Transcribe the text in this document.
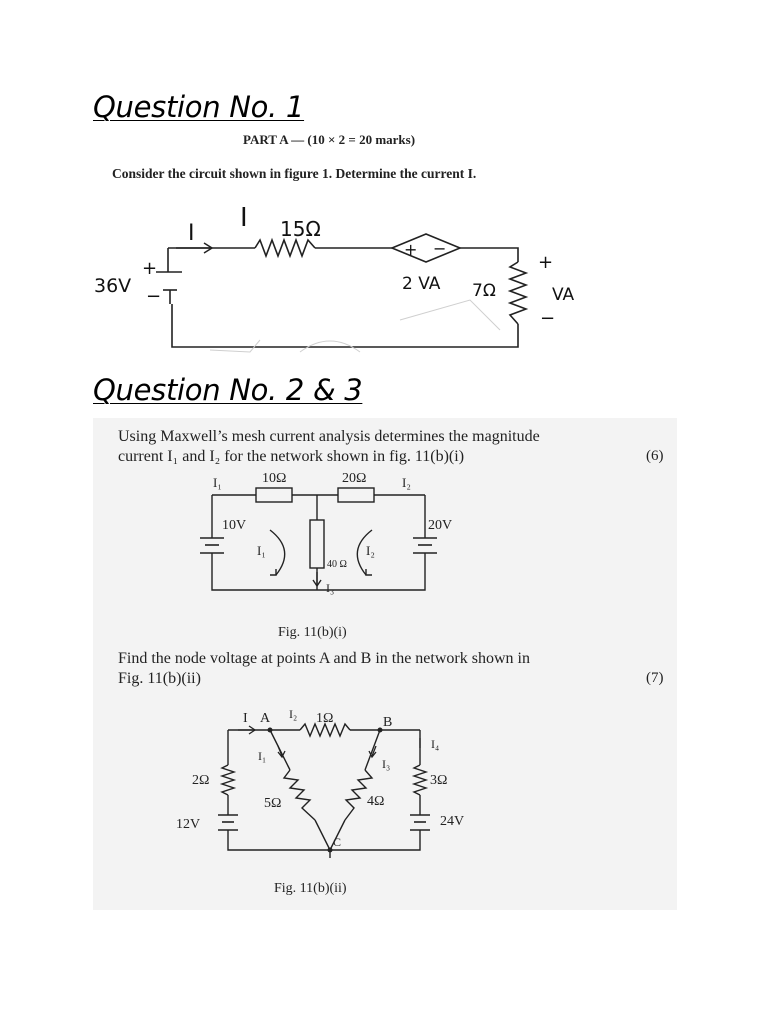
Question No. 1
PART A — (10 × 2 = 20 marks)
Consider the circuit shown in figure 1. Determine the current I.
I
I 15Ω
36V
+
−
+ −
2 VA 7Ω
+
VA
−
Question No. 2 & 3
Using Maxwell’s mesh current analysis determines the magnitude
current I₁ and I₂ for the network shown in fig. 11(b)(i)	(6)
Find the node voltage at points A and B in the network shown in
Fig. 11(b)(ii)	(7)
I₁	10Ω	20Ω	I₂
10V	20V
I₁	I₂
40 Ω
I₃
Fig. 11(b)(i)
I A I₂ 1Ω	B
I₄
I₁
I₃
2Ω
5Ω	4Ω
3Ω
12V	24V
C
Fig. 11(b)(ii)
